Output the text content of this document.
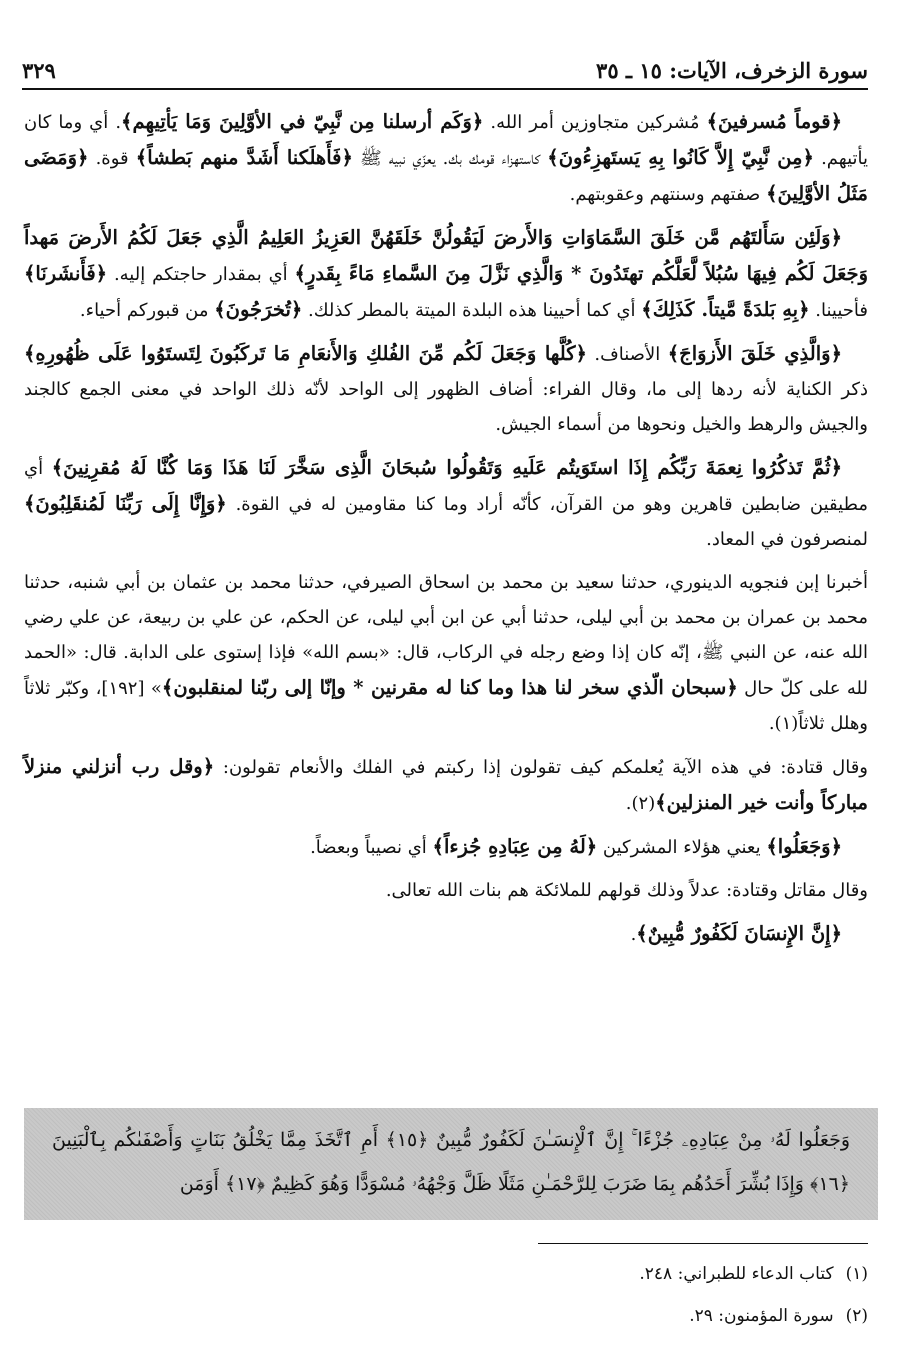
سورة الزخرف، الآيات: ١٥ ـ ٣٥
٣٢٩

﴿قوماً مُسرفينَ﴾ مُشركين متجاوزين أمر الله. ﴿وَكَم أرسلنا مِن نَّبِيّ في الأوَّلِينَ وَمَا يَأتِيهِم﴾. أي وما كان يأتيهم. ﴿مِن نَّبِيّ إِلاَّ كَانُوا بِهِ يَستَهزِءُونَ﴾ كاستهزاء قومك بك. يعزّي نبيه ﷺ ﴿فَأَهلَكنا أَشَدَّ منهم بَطشاً﴾ قوة. ﴿وَمَضَى مَثَلُ الأوَّلِينَ﴾ صفتهم وسنتهم وعقوبتهم.

﴿وَلَئِن سَأَلتَهُم مَّن خَلَقَ السَّمَاوَاتِ وَالأَرضَ لَيَقُولُنَّ خَلَقَهُنَّ العَزِيزُ العَلِيمُ الَّذِي جَعَلَ لَكُمُ الأَرضَ مَهداً وَجَعَلَ لَكُم فِيهَا سُبُلاً لَّعَلَّكُم تهتَدُونَ * وَالَّذِي نَزَّلَ مِنَ السَّماءِ مَاءً بِقَدرٍ﴾ أي بمقدار حاجتكم إليه. ﴿فَأَنشَرنَا﴾ فأحيينا. ﴿بِهِ بَلدَةً مَّيتاً. كَذَلِكَ﴾ أي كما أحيينا هذه البلدة الميتة بالمطر كذلك. ﴿تُخرَجُونَ﴾ من قبوركم أحياء.

﴿وَالَّذِي خَلَقَ الأَزوَاجَ﴾ الأصناف. ﴿كُلَّها وَجَعَلَ لَكُم مِّنَ الفُلكِ وَالأَنعَامِ مَا تَركَبُونَ لِتَستَوُوا عَلَى ظُهُورِهِ﴾ ذكر الكناية لأنه ردها إلى ما، وقال الفراء: أضاف الظهور إلى الواحد لأنّه ذلك الواحد في معنى الجمع كالجند والجيش والرهط والخيل ونحوها من أسماء الجيش.

﴿ثُمَّ تَذكُرُوا نِعمَةَ رَبِّكُم إِذَا استَوَيتُم عَلَيهِ وَتَقُولُوا سُبحَانَ الَّذِى سَخَّرَ لَنَا هَذَا وَمَا كُنَّا لَهُ مُقرِنِينَ﴾ أي مطيقين ضابطين قاهرين وهو من القرآن، كأنّه أراد وما كنا مقاومين له في القوة. ﴿وَإِنَّا إِلَى رَبِّنَا لَمُنقَلِبُونَ﴾ لمنصرفون في المعاد.

أخبرنا إبن فنجويه الدينوري، حدثنا سعيد بن محمد بن اسحاق الصيرفي، حدثنا محمد بن عثمان بن أبي شنبه، حدثنا محمد بن عمران بن محمد بن أبي ليلى، حدثنا أبي عن ابن أبي ليلى، عن الحكم، عن علي بن ربيعة، عن علي رضي الله عنه، عن النبي ﷺ، إنّه كان إذا وضع رجله في الركاب، قال: «بسم الله» فإذا إستوى على الدابة. قال: «الحمد لله على كلّ حال ﴿سبحان الّذي سخر لنا هذا وما كنا له مقرنين * وإنّا إلى ربّنا لمنقلبون﴾» [١٩٢]، وكبّر ثلاثاً وهلل ثلاثاً(١).

وقال قتادة: في هذه الآية يُعلمكم كيف تقولون إذا ركبتم في الفلك والأنعام تقولون: ﴿وقل رب أنزلني منزلاً مباركاً وأنت خير المنزلين﴾(٢).

﴿وَجَعَلُوا﴾ يعني هؤلاء المشركين ﴿لَهُ مِن عِبَادِهِ جُزءاً﴾ أي نصيباً وبعضاً.

وقال مقاتل وقتادة: عدلاً وذلك قولهم للملائكة هم بنات الله تعالى.

﴿إِنَّ الإِنسَانَ لَكَفُورٌ مُّبِينٌ﴾.

وَجَعَلُوا لَهُۥ مِنْ عِبَادِهِۦ جُزْءًا ۚ إِنَّ ٱلْإِنسَـٰنَ لَكَفُورٌ مُّبِينٌ ﴿١٥﴾ أَمِ ٱتَّخَذَ مِمَّا يَخْلُقُ بَنَاتٍ وَأَصْفَىٰكُم بِٱلْبَنِينَ ﴿١٦﴾ وَإِذَا بُشِّرَ أَحَدُهُم بِمَا ضَرَبَ لِلرَّحْمَـٰنِ مَثَلًا ظَلَّ وَجْهُهُۥ مُسْوَدًّا وَهُوَ كَظِيمٌ ﴿١٧﴾ أَوَمَن
(١)
كتاب الدعاء للطبراني: ٢٤٨.
(٢)
سورة المؤمنون: ٢٩.
